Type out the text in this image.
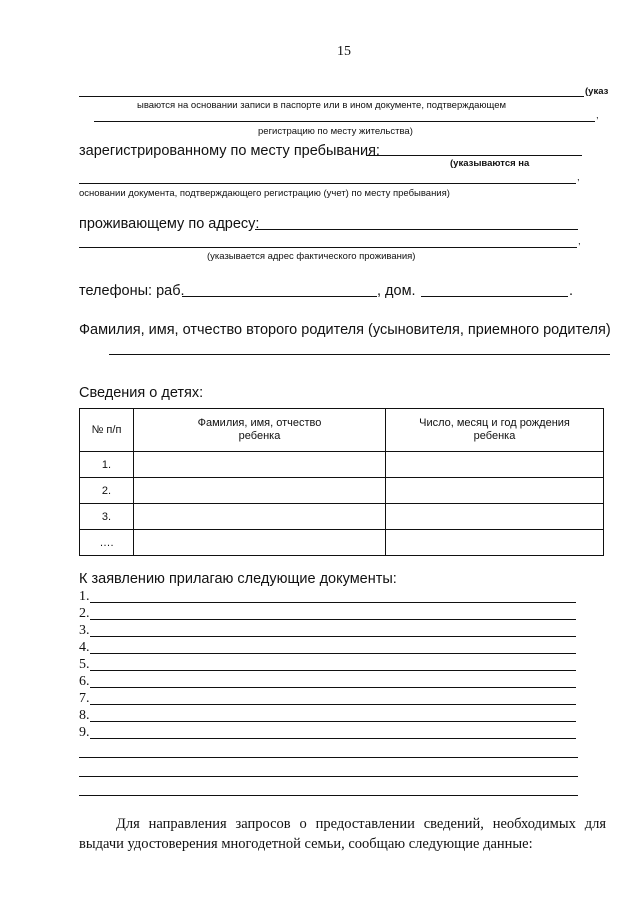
15
(указ
ываются на основании записи в паспорте или в ином документе, подтверждающем
,
регистрацию по месту жительства)
зарегистрированному по месту пребывания:
(указываются на
,
основании документа, подтверждающего регистрацию (учет) по месту пребывания)
проживающему по адресу:
,
(указывается адрес фактического проживания)
телефоны: раб.	, дом.	.
Фамилия, имя, отчество второго родителя (усыновителя, приемного родителя)
Сведения о детях:
№ п/п	Фамилия, имя, отчество ребенка	Число, месяц и год рождения ребенка

1.		
2.		
3.		
….		
К заявлению прилагаю следующие документы:
1.
2.
3.
4.
5.
6.
7.
8.
9.
Для направления запросов о предоставлении сведений, необходимых для выдачи удостоверения многодетной семьи, сообщаю следующие данные:
